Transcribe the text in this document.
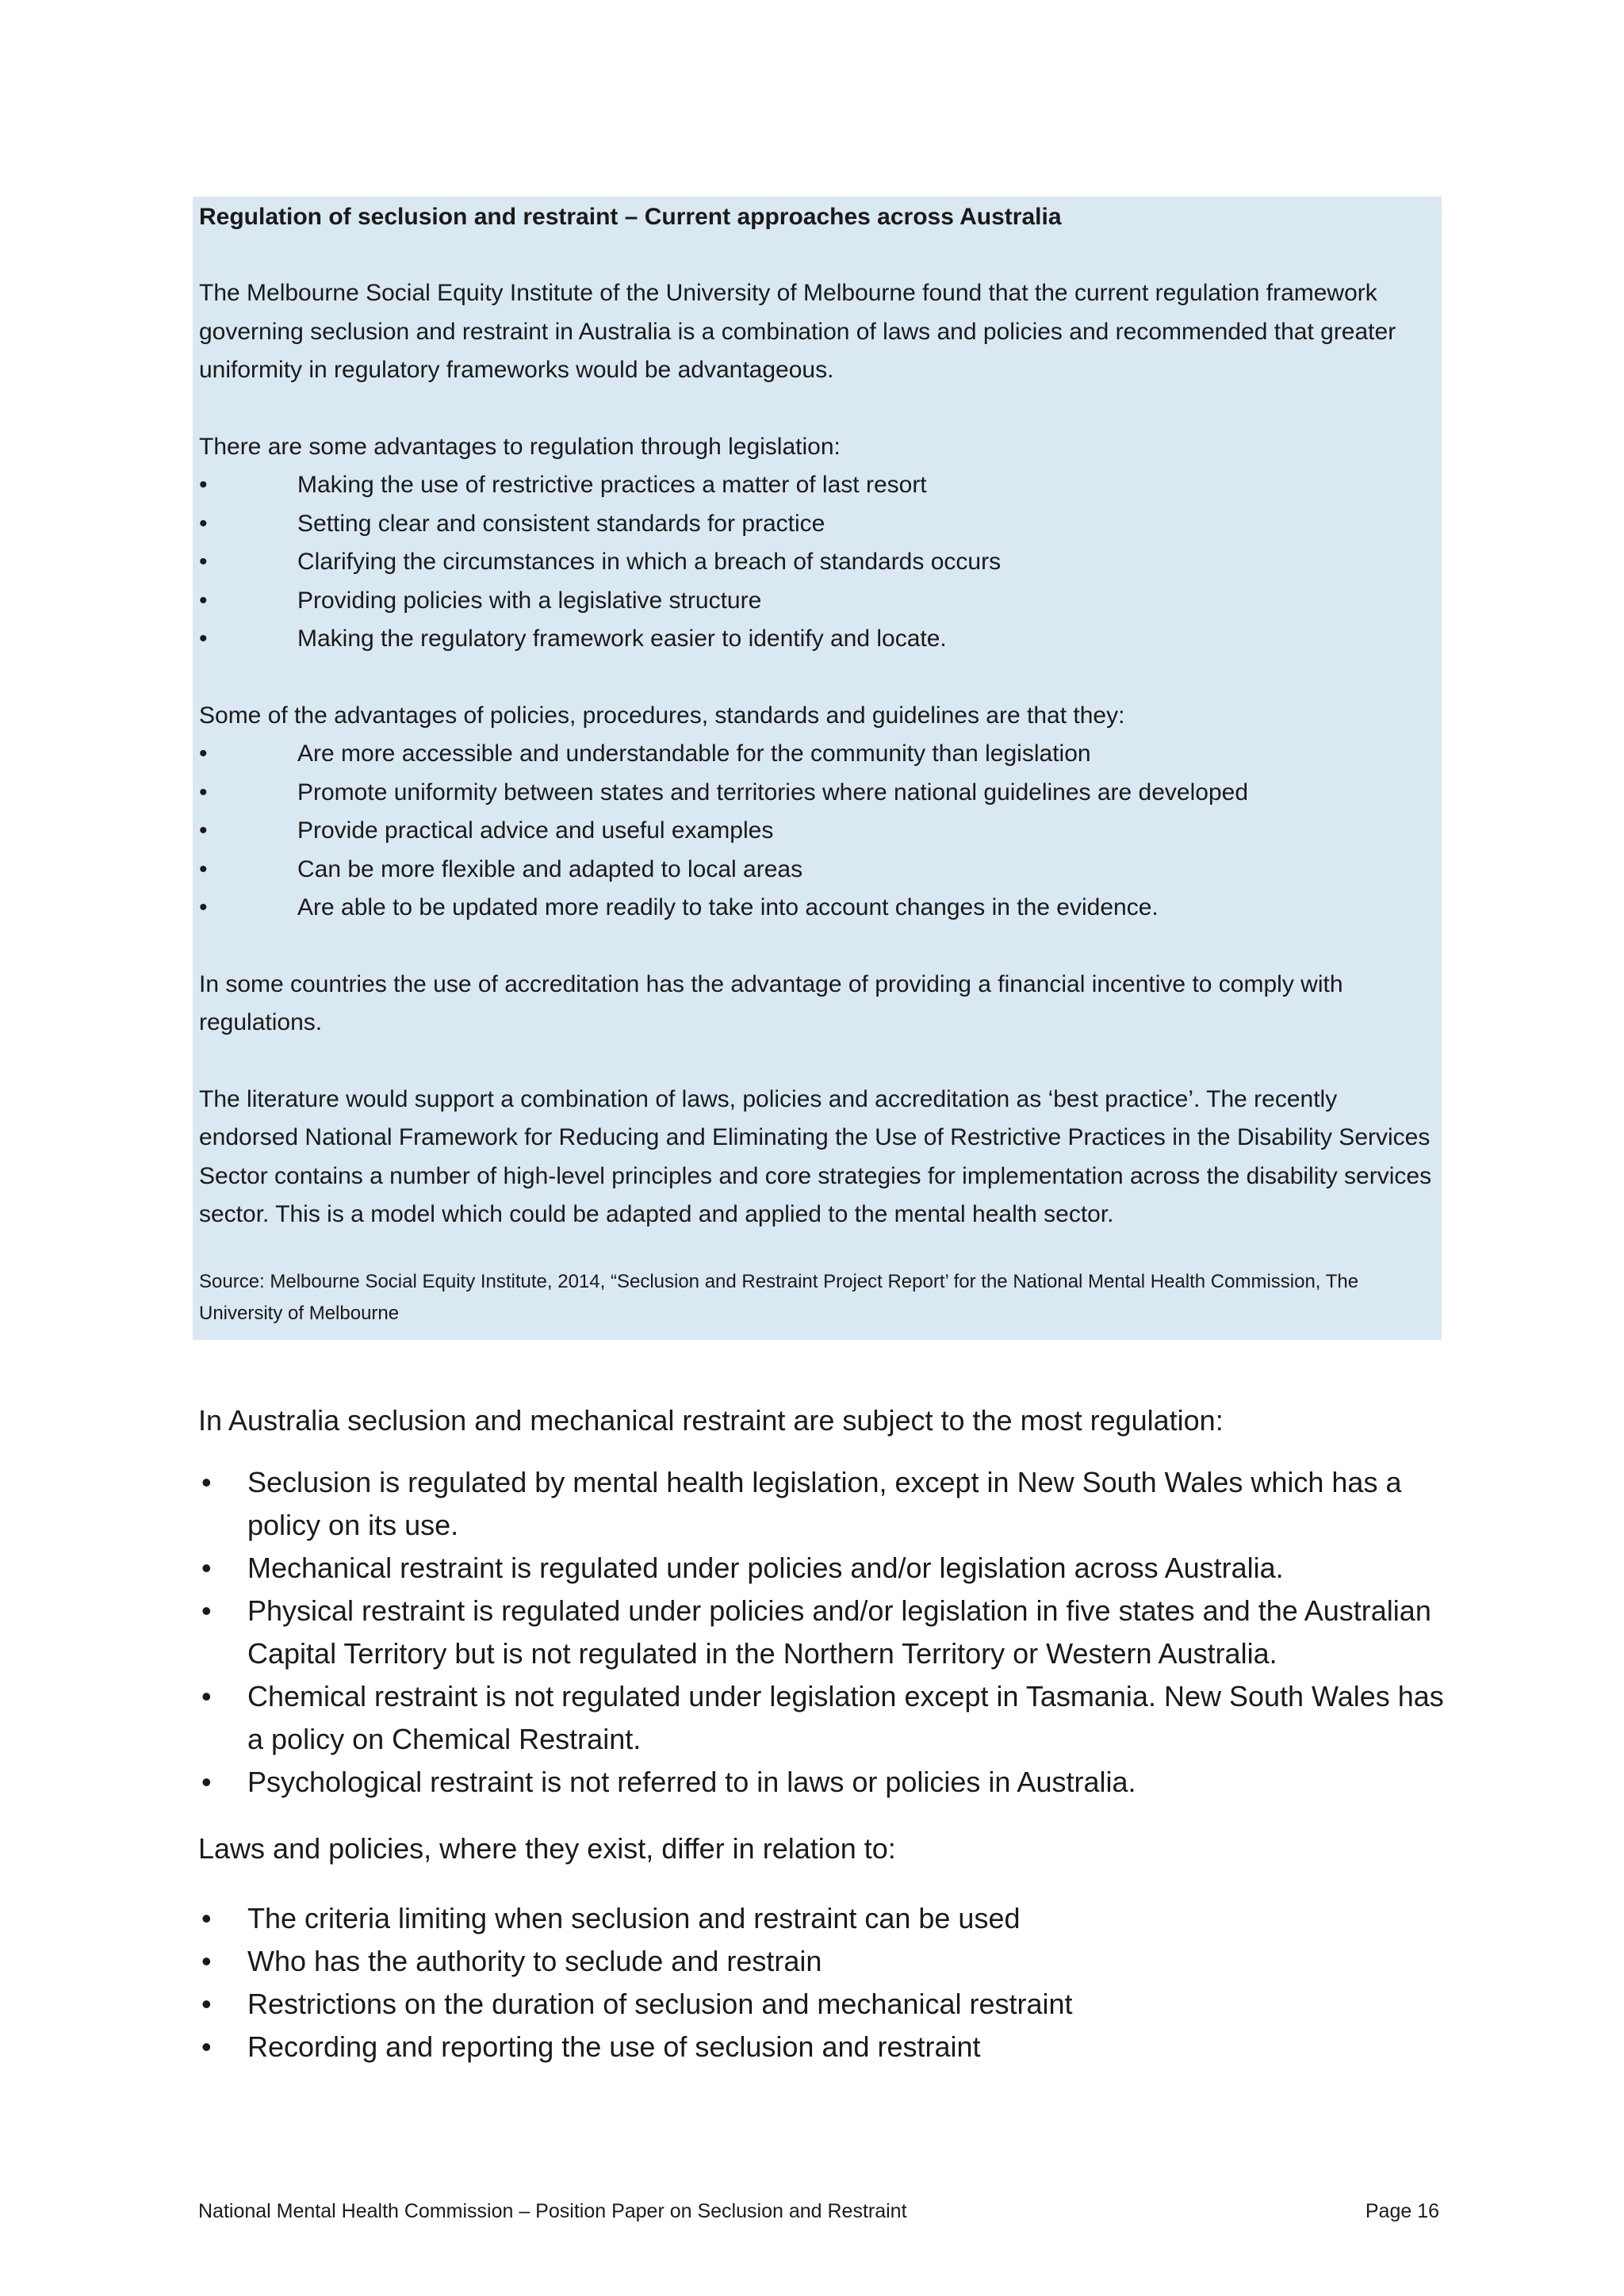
Regulation of seclusion and restraint – Current approaches across Australia

The Melbourne Social Equity Institute of the University of Melbourne found that the current regulation framework governing seclusion and restraint in Australia is a combination of laws and policies and recommended that greater uniformity in regulatory frameworks would be advantageous.

There are some advantages to regulation through legislation:

•	Making the use of restrictive practices a matter of last resort
•	Setting clear and consistent standards for practice
•	Clarifying the circumstances in which a breach of standards occurs
•	Providing policies with a legislative structure
•	Making the regulatory framework easier to identify and locate.

Some of the advantages of policies, procedures, standards and guidelines are that they:

•	Are more accessible and understandable for the community than legislation
•	Promote uniformity between states and territories where national guidelines are developed
•	Provide practical advice and useful examples
•	Can be more flexible and adapted to local areas
•	Are able to be updated more readily to take into account changes in the evidence.

In some countries the use of accreditation has the advantage of providing a financial incentive to comply with regulations.

The literature would support a combination of laws, policies and accreditation as ‘best practice’. The recently endorsed National Framework for Reducing and Eliminating the Use of Restrictive Practices in the Disability Services Sector contains a number of high-level principles and core strategies for implementation across the disability services sector. This is a model which could be adapted and applied to the mental health sector.

Source: Melbourne Social Equity Institute, 2014, “Seclusion and Restraint Project Report’ for the National Mental Health Commission, The University of Melbourne

In Australia seclusion and mechanical restraint are subject to the most regulation:

• Seclusion is regulated by mental health legislation, except in New South Wales which has a policy on its use.
• Mechanical restraint is regulated under policies and/or legislation across Australia.
• Physical restraint is regulated under policies and/or legislation in five states and the Australian Capital Territory but is not regulated in the Northern Territory or Western Australia.
• Chemical restraint is not regulated under legislation except in Tasmania. New South Wales has a policy on Chemical Restraint.
• Psychological restraint is not referred to in laws or policies in Australia.

Laws and policies, where they exist, differ in relation to:

• The criteria limiting when seclusion and restraint can be used
• Who has the authority to seclude and restrain
• Restrictions on the duration of seclusion and mechanical restraint
• Recording and reporting the use of seclusion and restraint
National Mental Health Commission – Position Paper on Seclusion and Restraint	Page 16
